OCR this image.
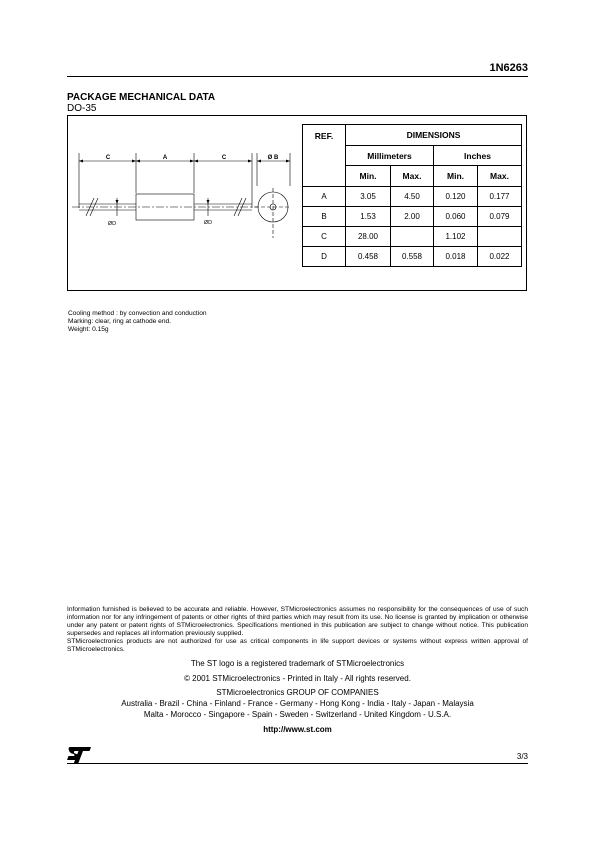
1N6263
PACKAGE MECHANICAL DATA
DO-35
C	A	C	Ø B
ØD	ØD
REF.	DIMENSIONS			
	Millimeters		Inches	
	Min.	Max.	Min.	Max.
A	3.05	4.50	0.120	0.177
B	1.53	2.00	0.060	0.079
C	28.00		1.102	
D	0.458	0.558	0.018	0.022
Cooling method : by convection and conduction
Marking: clear, ring at cathode end.
Weight: 0.15g
Information furnished is believed to be accurate and reliable. However, STMicroelectronics assumes no responsibility for the consequences of use of such information nor for any infringement of patents or other rights of third parties which may result from its use. No license is granted by implication or otherwise under any patent or patent rights of STMicroelectronics. Specifications mentioned in this publication are subject to change without notice. This publication supersedes and replaces all information previously supplied.
STMicroelectronics products are not authorized for use as critical components in life support devices or systems without express written approval of STMicroelectronics.
The ST logo is a registered trademark of STMicroelectronics
© 2001 STMicroelectronics - Printed in Italy - All rights reserved.
STMicroelectronics GROUP OF COMPANIES
Australia - Brazil - China - Finland - France - Germany - Hong Kong - India - Italy - Japan - Malaysia
Malta - Morocco - Singapore - Spain - Sweden - Switzerland - United Kingdom - U.S.A.
http://www.st.com
3/3
